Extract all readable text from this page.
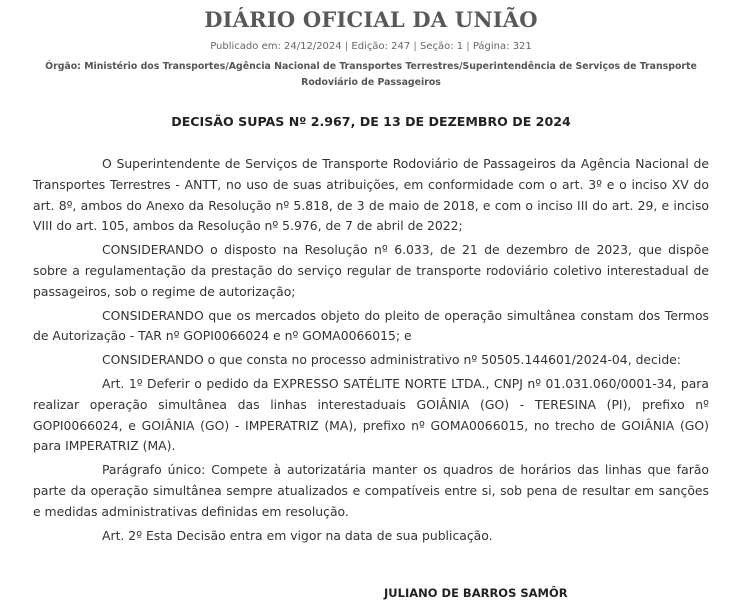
DIÁRIO OFICIAL DA UNIÃO
Publicado em: 24/12/2024 | Edição: 247 | Seção: 1 | Página: 321
Órgão: Ministério dos Transportes/Agência Nacional de Transportes Terrestres/Superintendência de Serviços de Transporte Rodoviário de Passageiros
DECISÃO SUPAS Nº 2.967, DE 13 DE DEZEMBRO DE 2024

O Superintendente de Serviços de Transporte Rodoviário de Passageiros da Agência Nacional de Transportes Terrestres - ANTT, no uso de suas atribuições, em conformidade com o art. 3º e o inciso XV do art. 8º, ambos do Anexo da Resolução nº 5.818, de 3 de maio de 2018, e com o inciso III do art. 29, e inciso VIII do art. 105, ambos da Resolução nº 5.976, de 7 de abril de 2022;

CONSIDERANDO o disposto na Resolução nº 6.033, de 21 de dezembro de 2023, que dispõe sobre a regulamentação da prestação do serviço regular de transporte rodoviário coletivo interestadual de passageiros, sob o regime de autorização;

CONSIDERANDO que os mercados objeto do pleito de operação simultânea constam dos Termos de Autorização - TAR nº GOPI0066024 e nº GOMA0066015; e

CONSIDERANDO o que consta no processo administrativo nº 50505.144601/2024-04, decide:

Art. 1º Deferir o pedido da EXPRESSO SATÉLITE NORTE LTDA., CNPJ nº 01.031.060/0001-34, para realizar operação simultânea das linhas interestaduais GOIÂNIA (GO) - TERESINA (PI), prefixo nº GOPI0066024, e GOIÂNIA (GO) - IMPERATRIZ (MA), prefixo nº GOMA0066015, no trecho de GOIÂNIA (GO) para IMPERATRIZ (MA).

Parágrafo único: Compete à autorizatária manter os quadros de horários das linhas que farão parte da operação simultânea sempre atualizados e compatíveis entre si, sob pena de resultar em sanções e medidas administrativas definidas em resolução.

Art. 2º Esta Decisão entra em vigor na data de sua publicação.

JULIANO DE BARROS SAMÔR
